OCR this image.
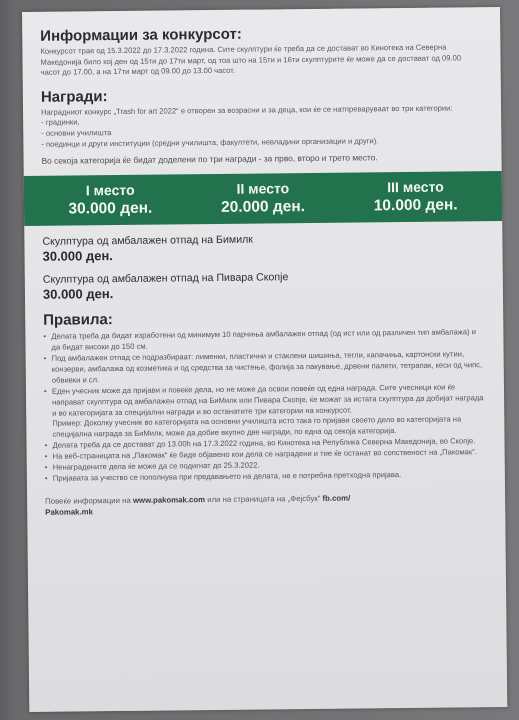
Информации за конкурсот:

Конкурсот трае од 15.3.2022 до 17.3.2022 година. Сите скулптури ќе треба да се достават во Кинотека на Северна Македонија било кој ден од 15ти до 17ти март, од тоа што на 15ти и 16ти скулптурите ќе може да се достават од 09.00 часот до 17.00, а на 17ти март од 09.00 до 13.00 часот.

Награди:

Наградниот конкурс „Trash for art 2022“ е отворен за возрасни и за деца, кои ќе се натпреваруваат во три категории:

- градинки,
- основни училишта
- поединци и други институции (средни училишта, факултети, невладини организации и други).
Во секоја категорија ќе бидат доделени по три награди - за прво, второ и трето место.
I место
30.000 ден.
II место
20.000 ден.
III место
10.000 ден.
Скулптура од амбалажен отпад на Бимилк
30.000 ден.
Скулптура од амбалажен отпад на Пивара Скопје
30.000 ден.
Правила:
• Делата треба да бидат изработени од минимум 10 парчиња амбалажен отпад (од ист или од различен тип амбалажа) и да бидат високи до 150 см.
• Под амбалажен отпад се подразбираат: лименки, пластични и стаклени шишиња, тегли, капачиња, картонски кутии, конзерви, амбалажа од козметика и од средства за чистење, фолија за пакување, дрвени палети, тетрапак, кеси од чипс, обвивки и сл.
• Еден учесник може да пријави и повеќе дела, но не може да освои повеќе од една награда. Сите учесници кои ќе направат скулптура од амбалажен отпад на БиМилк или Пивара Скопје, ќе можат за истата скулптура да добијат награда и во категоријата за специјални награди и во останатите три категории на конкурсот.
Пример: Доколку учесник во категоријата на основни училишта исто така го пријави своето дело во категоријата на специјална награда за БиМилк, може да добие вкупно две награди, по една од секоја категорија.
• Делата треба да се достават до 13.00h на 17.3.2022 година, во Кинотека на Република Северна Македонија, во Скопје.
• На веб-страницата на „Пакомак“ ќе биде објавено кои дела се наградени и тие ќе останат во сопственост на „Пакомак“.
• Ненаградените дела ќе може да се подигнат до 25.3.2022.
• Пријавата за учество се пополнува при предавањето на делата, не е потребна претходна пријава.
Повеќе информации на www.pakomak.com или на страницата на „Фејсбук“ fb.com/
Pakomak.mk
